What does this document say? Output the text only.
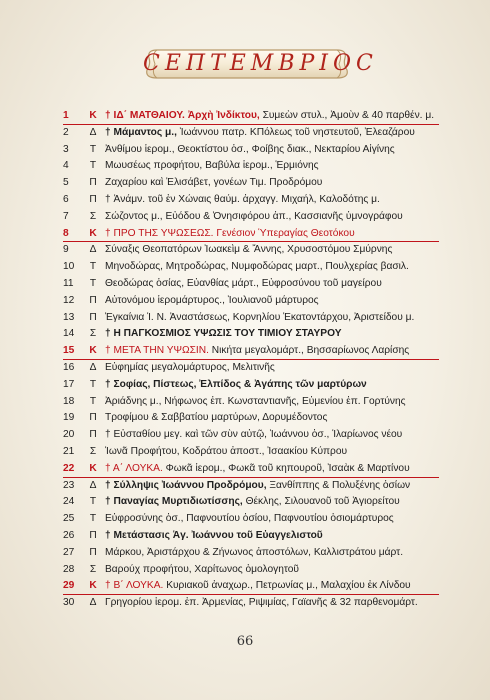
CEΠTEMBPIOC
1	Κ † ΙΔ΄ ΜΑΤΘΑΙΟΥ. Ἀρχὴ Ἰνδίκτου, Συμεὼν στυλ., Ἀμοὺν & 40 παρθέν. μ.
2	Δ † Μάμαντος μ., Ἰωάννου πατρ. ΚΠόλεως τοῦ νηστευτοῦ, Ἐλεαζάρου
3	Τ Ἀνθίμου ἱερομ., Θεοκτίστου ὁσ., Φοίβης διακ., Νεκταρίου Αἰγίνης
4	Τ Μωυσέως προφήτου, Βαβύλα ἱερομ., Ἑρμιόνης
5	Π Ζαχαρίου καὶ Ἐλισάβετ, γονέων Τιμ. Προδρόμου
6	Π † Ἀνάμν. τοῦ ἐν Χώναις θαύμ. ἀρχαγγ. Μιχαήλ, Καλοδότης μ.
7	Σ Σώζοντος μ., Εὐόδου & Ὀνησιφόρου ἀπ., Κασσιανῆς ὑμνογράφου
8	Κ † ΠΡΟ ΤΗΣ ΥΨΩΣΕΩΣ. Γενέσιον Ὑπεραγίας Θεοτόκου
9	Δ Σύναξις Θεοπατόρων Ἰωακεὶμ & Ἄννης, Χρυσοστόμου Σμύρνης
10	Τ Μηνοδώρας, Μητροδώρας, Νυμφοδώρας μαρτ., Πουλχερίας βασιλ.
11	Τ Θεοδώρας ὁσίας, Εὐανθίας μάρτ., Εὐφροσύνου τοῦ μαγείρου
12	Π Αὐτονόμου ἱερομάρτυρος., Ἰουλιανοῦ μάρτυρος
13	Π Ἐγκαίνια Ἱ. Ν. Ἀναστάσεως, Κορνηλίου Ἑκατοντάρχου, Ἀριστείδου μ.
14	Σ † Η ΠΑΓΚΟΣΜΙΟΣ ΥΨΩΣΙΣ ΤΟΥ ΤΙΜΙΟΥ ΣΤΑΥΡΟΥ
15	Κ † ΜΕΤΑ ΤΗΝ ΥΨΩΣΙΝ. Νικήτα μεγαλομάρτ., Βησσαρίωνος Λαρίσης
16	Δ Εὐφημίας μεγαλομάρτυρος, Μελιτινῆς
17	Τ † Σοφίας, Πίστεως, Ἐλπίδος & Ἀγάπης τῶν μαρτύρων
18	Τ Ἀριάδνης μ., Νήφωνος ἐπ. Κωνσταντιανῆς, Εὐμενίου ἐπ. Γορτύνης
19	Π Τροφίμου & Σαββατίου μαρτύρων, Δορυμέδοντος
20	Π † Εὐσταθίου μεγ. καὶ τῶν σὺν αὐτῷ, Ἰωάννου ὁσ., Ἱλαρίωνος νέου
21	Σ Ἰωνᾶ Προφήτου, Κοδράτου ἀποστ., Ἰσαακίου Κύπρου
22	Κ † Α΄ ΛΟΥΚΑ. Φωκᾶ ἱερομ., Φωκᾶ τοῦ κηπουροῦ, Ἰσαὰκ & Μαρτίνου
23	Δ † Σύλληψις Ἰωάννου Προδρόμου, Ξανθίππης & Πολυξένης ὁσίων
24	Τ † Παναγίας Μυρτιδιωτίσσης, Θέκλης, Σιλουανοῦ τοῦ Ἁγιορείτου
25	Τ Εὐφροσύνης ὁσ., Παφνουτίου ὁσίου, Παφνουτίου ὁσιομάρτυρος
26	Π † Μετάστασις Ἁγ. Ἰωάννου τοῦ Εὐαγγελιστοῦ
27	Π Μάρκου, Ἀριστάρχου & Ζήνωνος ἀποστόλων, Καλλιστράτου μάρτ.
28	Σ Βαρούχ προφήτου, Χαρίτωνος ὁμολογητοῦ
29	Κ † Β΄ ΛΟΥΚΑ. Κυριακοῦ ἀναχωρ., Πετρωνίας μ., Μαλαχίου ἐκ Λίνδου
30	Δ Γρηγορίου ἱερομ. ἐπ. Ἀρμενίας, Ριψιμίας, Γαϊανῆς & 32 παρθενομάρτ.
66
